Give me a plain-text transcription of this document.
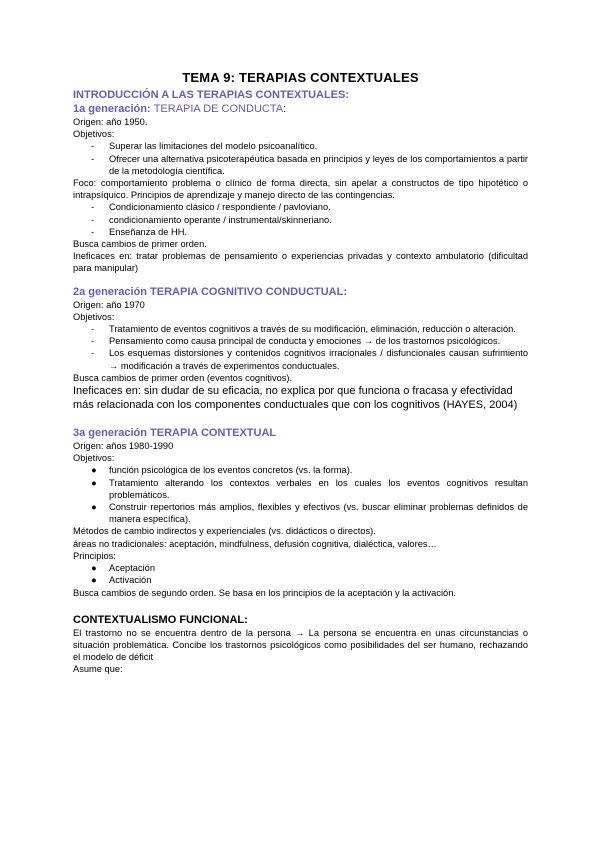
TEMA 9: TERAPIAS CONTEXTUALES
INTRODUCCIÓN A LAS TERAPIAS CONTEXTUALES:
1a generación: TERAPIA DE CONDUCTA:
Origen: año 1950.
Objetivos:
- Superar las limitaciones del modelo psicoanalítico.
- Ofrecer una alternativa psicoterapéutica basada en principios y leyes de los comportamientos a partir de la metodología científica.
Foco: comportamiento problema o clínico de forma directa, sin apelar a constructos de tipo hipotético o intrapsíquico. Principios de aprendizaje y manejo directo de las contingencias.
- Condicionamiento clásico / respondiente / pavloviano.
- condicionamiento operante / instrumental/skinneriano.
- Enseñanza de HH.
Busca cambios de primer orden.
Ineficaces en: tratar problemas de pensamiento o experiencias privadas y contexto ambulatorio (dificultad para manipular)
2a generación TERAPIA COGNITIVO CONDUCTUAL:
Origen: año 1970
Objetivos:
- Tratamiento de eventos cognitivos a través de su modificación, eliminación, reducción o alteración.
- Pensamiento como causa principal de conducta y emociones → de los trastornos psicológicos.
- Los esquemas distorsiones y contenidos cognitivos irracionales / disfuncionales causan sufrimiento → modificación a través de experimentos conductuales.
Busca cambios de primer orden (eventos cognitivos).
Ineficaces en: sin dudar de su eficacia, no explica por que funciona o fracasa y efectividad más relacionada con los componentes conductuales que con los cognitivos (HAYES, 2004)
3a generación TERAPIA CONTEXTUAL
Origen: años 1980-1990
Objetivos:
● función psicológica de los eventos concretos (vs. la forma).
● Tratamiento alterando los contextos verbales en los cuales los eventos cognitivos resultan problemáticos.
● Construir repertorios más amplios, flexibles y efectivos (vs. buscar eliminar problemas definidos de manera específica).
Métodos de cambio indirectos y experienciales (vs. didácticos o directos).
áreas no tradicionales: aceptación, mindfulness, defusión cognitiva, dialéctica, valores…
Principios:
● Aceptación
● Activación
Busca cambios de segundo orden. Se basa en los principios de la aceptación y la activación.
CONTEXTUALISMO FUNCIONAL:
El trastorno no se encuentra dentro de la persona → La persona se encuentra en unas circunstancias o situación problemática. Concibe los trastornos psicológicos como posibilidades del ser humano, rechazando el modelo de déficit
Asume que:
